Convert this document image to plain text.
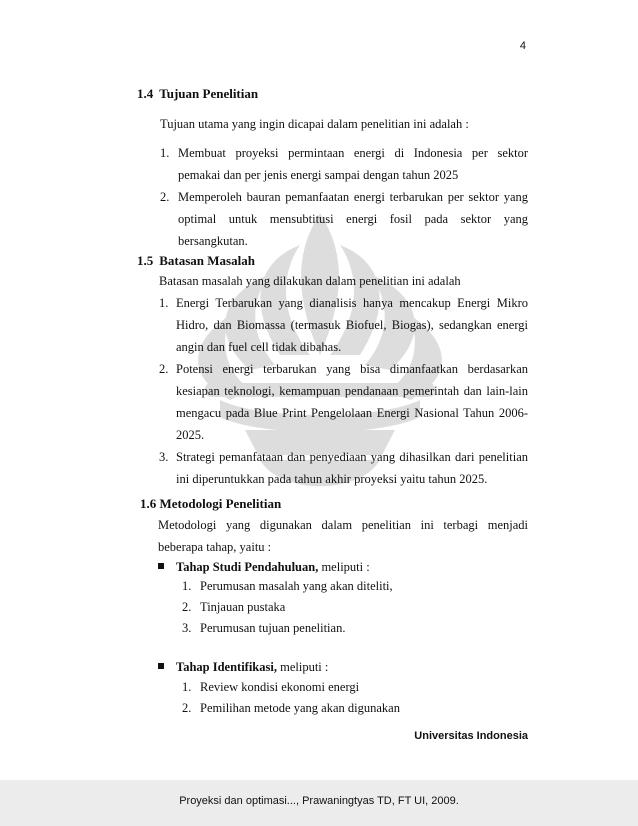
4
1.4 Tujuan Penelitian

Tujuan utama yang ingin dicapai dalam penelitian ini adalah :

1. Membuat proyeksi permintaan energi di Indonesia per sektor pemakai dan per jenis energi sampai dengan tahun 2025
2. Memperoleh bauran pemanfaatan energi terbarukan per sektor yang optimal untuk mensubtitusi energi fosil pada sektor yang bersangkutan.
1.5 Batasan Masalah

Batasan masalah yang dilakukan dalam penelitian ini adalah

1. Energi Terbarukan yang dianalisis hanya mencakup Energi Mikro Hidro, dan Biomassa (termasuk Biofuel, Biogas), sedangkan energi angin dan fuel cell tidak dibahas.
2. Potensi energi terbarukan yang bisa dimanfaatkan berdasarkan kesiapan teknologi, kemampuan pendanaan pemerintah dan lain-lain mengacu pada Blue Print Pengelolaan Energi Nasional Tahun 2006-2025.
3. Strategi pemanfataan dan penyediaan yang dihasilkan dari penelitian ini diperuntukkan pada tahun akhir proyeksi yaitu tahun 2025.
1.6 Metodologi Penelitian

Metodologi yang digunakan dalam penelitian ini terbagi menjadi beberapa tahap, yaitu :

Tahap Studi Pendahuluan, meliputi :
1. Perumusan masalah yang akan diteliti,
2. Tinjauan pustaka
3. Perumusan tujuan penelitian.
Tahap Identifikasi, meliputi :
1. Review kondisi ekonomi energi
2. Pemilihan metode yang akan digunakan
Universitas Indonesia
Proyeksi dan optimasi..., Prawaningtyas TD, FT UI, 2009.
